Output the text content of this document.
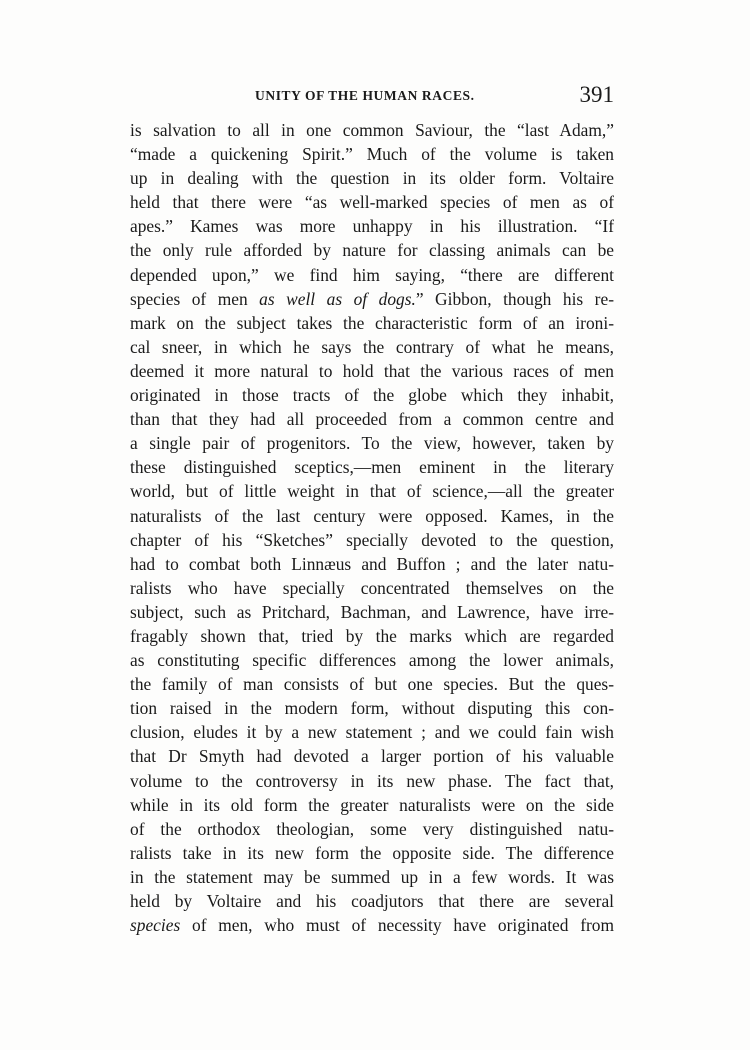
UNITY OF THE HUMAN RACES.	391
is salvation to all in one common Saviour, the “last Adam,”
“made a quickening Spirit.” Much of the volume is taken
up in dealing with the question in its older form. Voltaire
held that there were “as well-marked species of men as of
apes.” Kames was more unhappy in his illustration. “If
the only rule afforded by nature for classing animals can be
depended upon,” we find him saying, “there are different
species of men as well as of dogs.” Gibbon, though his re-
mark on the subject takes the characteristic form of an ironi-
cal sneer, in which he says the contrary of what he means,
deemed it more natural to hold that the various races of men
originated in those tracts of the globe which they inhabit,
than that they had all proceeded from a common centre and
a single pair of progenitors. To the view, however, taken by
these distinguished sceptics,—men eminent in the literary
world, but of little weight in that of science,—all the greater
naturalists of the last century were opposed. Kames, in the
chapter of his “Sketches” specially devoted to the question,
had to combat both Linnæus and Buffon ; and the later natu-
ralists who have specially concentrated themselves on the
subject, such as Pritchard, Bachman, and Lawrence, have irre-
fragably shown that, tried by the marks which are regarded
as constituting specific differences among the lower animals,
the family of man consists of but one species. But the ques-
tion raised in the modern form, without disputing this con-
clusion, eludes it by a new statement ; and we could fain wish
that Dr Smyth had devoted a larger portion of his valuable
volume to the controversy in its new phase. The fact that,
while in its old form the greater naturalists were on the side
of the orthodox theologian, some very distinguished natu-
ralists take in its new form the opposite side. The difference
in the statement may be summed up in a few words. It was
held by Voltaire and his coadjutors that there are several
species of men, who must of necessity have originated from
